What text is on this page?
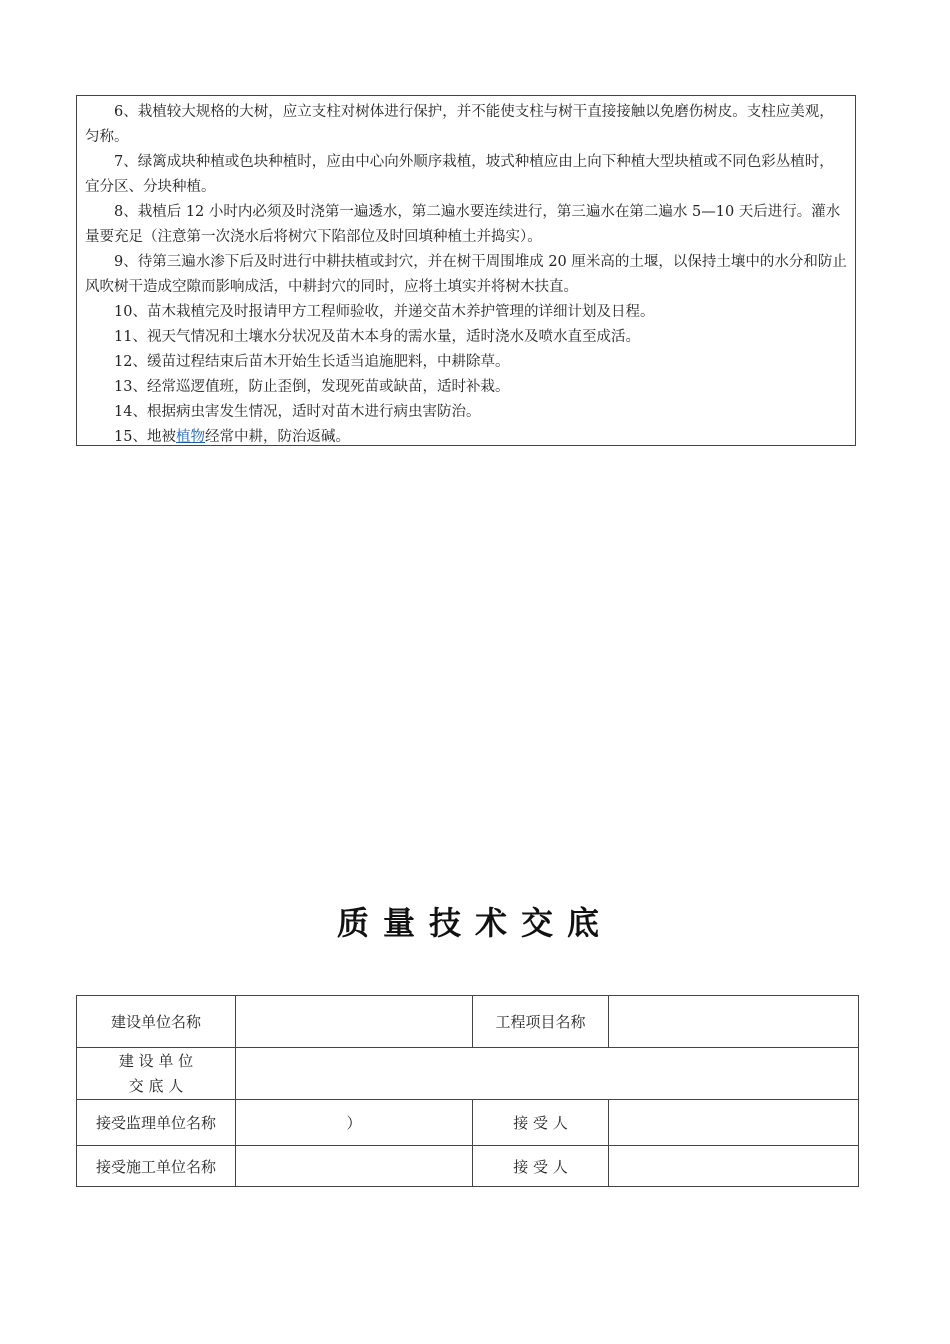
6、栽植较大规格的大树，应立支柱对树体进行保护，并不能使支柱与树干直接接触以免磨伤树皮。支柱应美观，匀称。

7、绿篱成块种植或色块种植时，应由中心向外顺序栽植，坡式种植应由上向下种植大型块植或不同色彩丛植时，宜分区、分块种植。

8、栽植后 12 小时内必须及时浇第一遍透水，第二遍水要连续进行，第三遍水在第二遍水 5—10 天后进行。灌水量要充足（注意第一次浇水后将树穴下陷部位及时回填种植土并捣实）。

9、待第三遍水渗下后及时进行中耕扶植或封穴，并在树干周围堆成 20 厘米高的土堰，以保持土壤中的水分和防止风吹树干造成空隙而影响成活，中耕封穴的同时，应将土填实并将树木扶直。

10、苗木栽植完及时报请甲方工程师验收，并递交苗木养护管理的详细计划及日程。

11、视天气情况和土壤水分状况及苗木本身的需水量，适时浇水及喷水直至成活。

12、缓苗过程结束后苗木开始生长适当追施肥料，中耕除草。

13、经常巡逻值班，防止歪倒，发现死苗或缺苗，适时补栽。

14、根据病虫害发生情况，适时对苗木进行病虫害防治。

15、地被植物经常中耕，防治返碱。

质量技术交底
建设单位名称		工程项目名称	

建 设 单 位
交 底 人			

接受监理单位名称	）	接 受 人	
接受施工单位名称		接 受 人	
